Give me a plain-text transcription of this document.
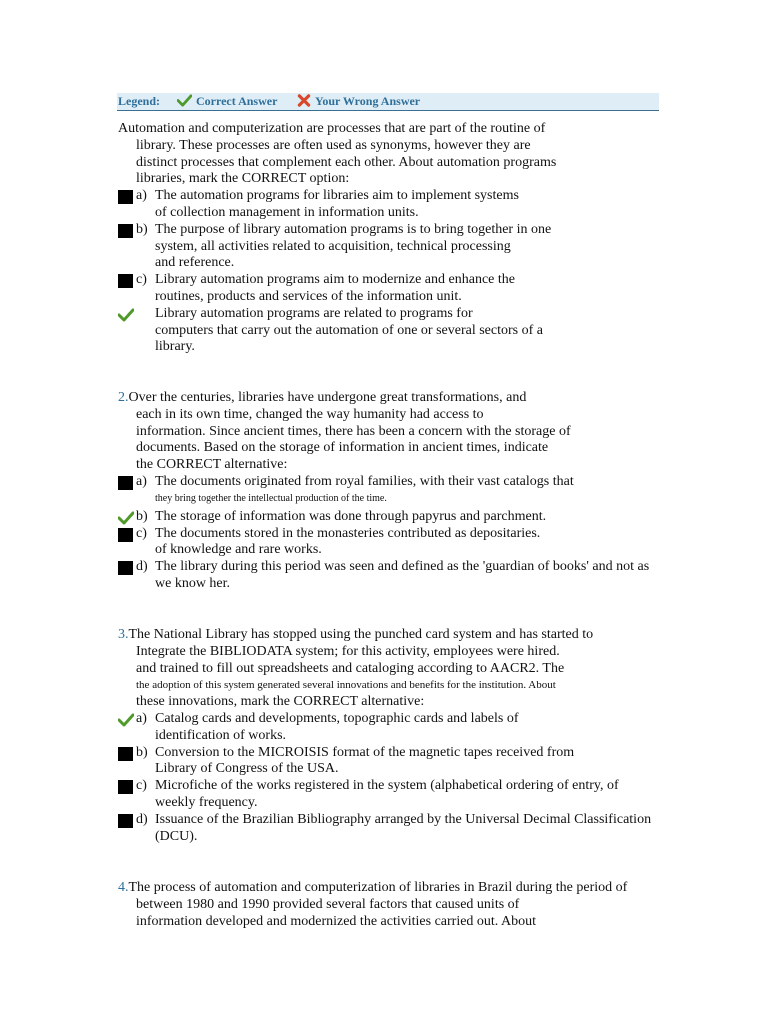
Legend:	Correct Answer	Your Wrong Answer
Automation and computerization are processes that are part of the routine of
library. These processes are often used as synonyms, however they are
distinct processes that complement each other. About automation programs
libraries, mark the CORRECT option:
a) The automation programs for libraries aim to implement systems
of collection management in information units.
b) The purpose of library automation programs is to bring together in one
system, all activities related to acquisition, technical processing
and reference.
c) Library automation programs aim to modernize and enhance the
routines, products and services of the information unit.
Library automation programs are related to programs for
computers that carry out the automation of one or several sectors of a
library.
2.Over the centuries, libraries have undergone great transformations, and
each in its own time, changed the way humanity had access to
information. Since ancient times, there has been a concern with the storage of
documents. Based on the storage of information in ancient times, indicate
the CORRECT alternative:
a) The documents originated from royal families, with their vast catalogs that
they bring together the intellectual production of the time.
b) The storage of information was done through papyrus and parchment.
c) The documents stored in the monasteries contributed as depositaries.
of knowledge and rare works.
d) The library during this period was seen and defined as the 'guardian of books' and not as
we know her.
3.The National Library has stopped using the punched card system and has started to
Integrate the BIBLIODATA system; for this activity, employees were hired.
and trained to fill out spreadsheets and cataloging according to AACR2. The
the adoption of this system generated several innovations and benefits for the institution. About
these innovations, mark the CORRECT alternative:
a) Catalog cards and developments, topographic cards and labels of
identification of works.
b) Conversion to the MICROISIS format of the magnetic tapes received from
Library of Congress of the USA.
c) Microfiche of the works registered in the system (alphabetical ordering of entry, of
weekly frequency.
d) Issuance of the Brazilian Bibliography arranged by the Universal Decimal Classification
(DCU).
4.The process of automation and computerization of libraries in Brazil during the period of
between 1980 and 1990 provided several factors that caused units of
information developed and modernized the activities carried out. About
